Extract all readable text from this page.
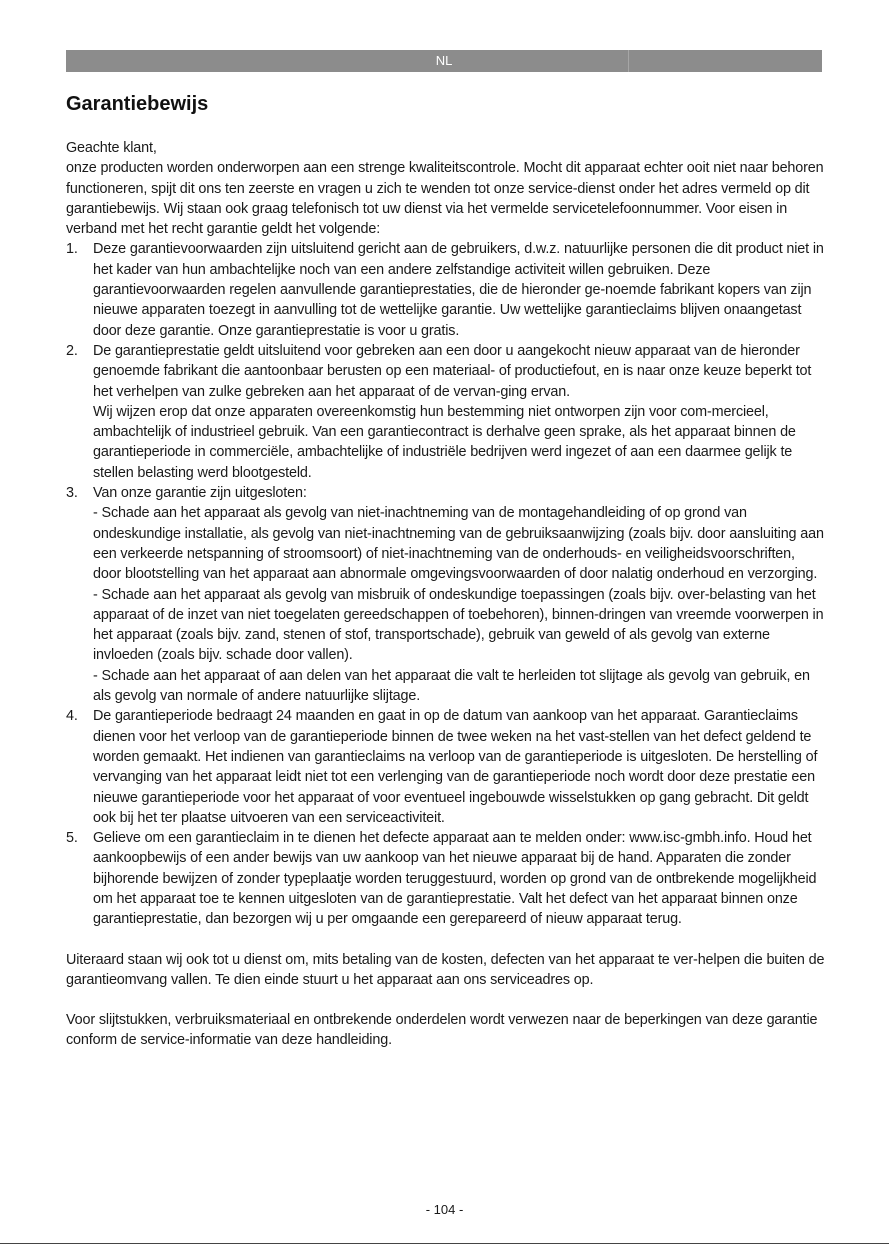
NL
Garantiebewijs

Geachte klant,

onze producten worden onderworpen aan een strenge kwaliteitscontrole. Mocht dit apparaat echter ooit niet naar behoren functioneren, spijt dit ons ten zeerste en vragen u zich te wenden tot onze service-dienst onder het adres vermeld op dit garantiebewijs. Wij staan ook graag telefonisch tot uw dienst via het vermelde servicetelefoonnummer. Voor eisen in verband met het recht garantie geldt het volgende:

1. Deze garantievoorwaarden zijn uitsluitend gericht aan de gebruikers, d.w.z. natuurlijke personen die dit product niet in het kader van hun ambachtelijke noch van een andere zelfstandige activiteit willen gebruiken. Deze garantievoorwaarden regelen aanvullende garantieprestaties, die de hieronder ge-noemde fabrikant kopers van zijn nieuwe apparaten toezegt in aanvulling tot de wettelijke garantie. Uw wettelijke garantieclaims blijven onaangetast door deze garantie. Onze garantieprestatie is voor u gratis.
2. De garantieprestatie geldt uitsluitend voor gebreken aan een door u aangekocht nieuw apparaat van de hieronder genoemde fabrikant die aantoonbaar berusten op een materiaal- of productiefout, en is naar onze keuze beperkt tot het verhelpen van zulke gebreken aan het apparaat of de vervan-ging ervan.
Wij wijzen erop dat onze apparaten overeenkomstig hun bestemming niet ontworpen zijn voor com-mercieel, ambachtelijk of industrieel gebruik. Van een garantiecontract is derhalve geen sprake, als het apparaat binnen de garantieperiode in commerciële, ambachtelijke of industriële bedrijven werd ingezet of aan een daarmee gelijk te stellen belasting werd blootgesteld.
3. Van onze garantie zijn uitgesloten:
- Schade aan het apparaat als gevolg van niet-inachtneming van de montagehandleiding of op grond van ondeskundige installatie, als gevolg van niet-inachtneming van de gebruiksaanwijzing (zoals bijv. door aansluiting aan een verkeerde netspanning of stroomsoort) of niet-inachtneming van de onderhouds- en veiligheidsvoorschriften, door blootstelling van het apparaat aan abnormale omgevingsvoorwaarden of door nalatig onderhoud en verzorging.
- Schade aan het apparaat als gevolg van misbruik of ondeskundige toepassingen (zoals bijv. over-belasting van het apparaat of de inzet van niet toegelaten gereedschappen of toebehoren), binnen-dringen van vreemde voorwerpen in het apparaat (zoals bijv. zand, stenen of stof, transportschade), gebruik van geweld of als gevolg van externe invloeden (zoals bijv. schade door vallen).
- Schade aan het apparaat of aan delen van het apparaat die valt te herleiden tot slijtage als gevolg van gebruik, en als gevolg van normale of andere natuurlijke slijtage.
4. De garantieperiode bedraagt 24 maanden en gaat in op de datum van aankoop van het apparaat. Garantieclaims dienen voor het verloop van de garantieperiode binnen de twee weken na het vast-stellen van het defect geldend te worden gemaakt. Het indienen van garantieclaims na verloop van de garantieperiode is uitgesloten. De herstelling of vervanging van het apparaat leidt niet tot een verlenging van de garantieperiode noch wordt door deze prestatie een nieuwe garantieperiode voor het apparaat of voor eventueel ingebouwde wisselstukken op gang gebracht. Dit geldt ook bij het ter plaatse uitvoeren van een serviceactiviteit.
5. Gelieve om een garantieclaim in te dienen het defecte apparaat aan te melden onder: www.isc-gmbh.info. Houd het aankoopbewijs of een ander bewijs van uw aankoop van het nieuwe apparaat bij de hand. Apparaten die zonder bijhorende bewijzen of zonder typeplaatje worden teruggestuurd, worden op grond van de ontbrekende mogelijkheid om het apparaat toe te kennen uitgesloten van de garantieprestatie. Valt het defect van het apparaat binnen onze garantieprestatie, dan bezorgen wij u per omgaande een gerepareerd of nieuw apparaat terug.

Uiteraard staan wij ook tot u dienst om, mits betaling van de kosten, defecten van het apparaat te ver-helpen die buiten de garantieomvang vallen. Te dien einde stuurt u het apparaat aan ons serviceadres op.

Voor slijtstukken, verbruiksmateriaal en ontbrekende onderdelen wordt verwezen naar de beperkingen van deze garantie conform de service-informatie van deze handleiding.

- 104 -
